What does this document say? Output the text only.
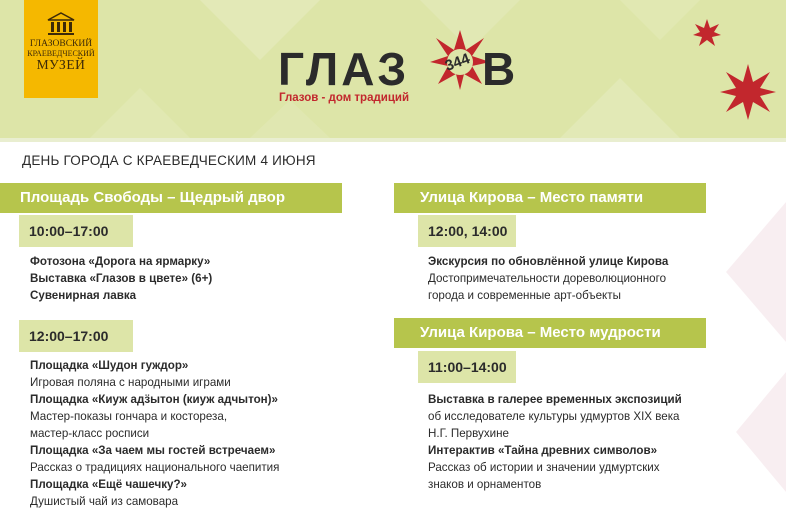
ГЛАЗОВСКИЙ
КРАЕВЕДЧЕСКИЙ
МУЗЕЙ	ГЛАЗ 344 В
Глазов - дом традиций
ДЕНЬ ГОРОДА С КРАЕВЕДЧЕСКИМ 4 ИЮНЯ
Площадь Свободы – Щедрый двор
10:00–17:00
Фотозона «Дорога на ярмарку»
Выставка «Глазов в цвете» (6+)
Сувенирная лавка
12:00–17:00
Площадка «Шудон гуждор»
Игровая поляна с народными играми
Площадка «Киуж адӟытон (киуж адчытон)»
Мастер-показы гончара и костореза,
мастер-класс росписи
Площадка «За чаем мы гостей встречаем»
Рассказ о традициях национального чаепития
Площадка «Ещё чашечку?»
Душистый чай из самовара
Улица Кирова – Место памяти
12:00, 14:00
Экскурсия по обновлённой улице Кирова
Достопримечательности дореволюционного
города и современные арт-объекты
Улица Кирова – Место мудрости
11:00–14:00
Выставка в галерее временных экспозиций
об исследователе культуры удмуртов XIX века
Н.Г. Первухине
Интерактив «Тайна древних символов»
Рассказ об истории и значении удмуртских
знаков и орнаментов
